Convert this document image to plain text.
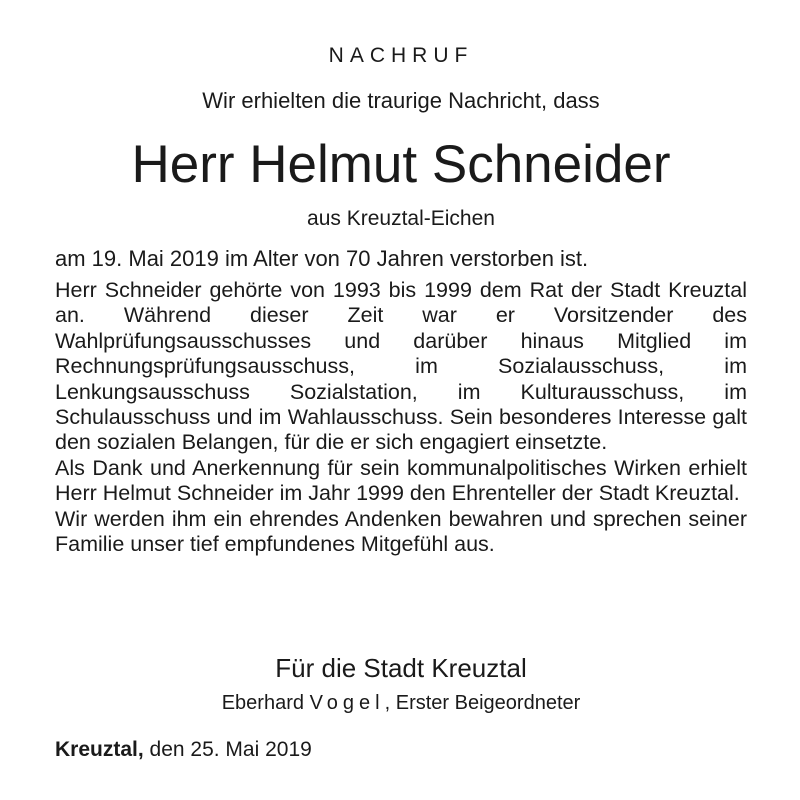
NACHRUF
Wir erhielten die traurige Nachricht, dass
Herr Helmut Schneider
aus Kreuztal-Eichen
am 19. Mai 2019 im Alter von 70 Jahren verstorben ist.

Herr Schneider gehörte von 1993 bis 1999 dem Rat der Stadt Kreuztal an. Während dieser Zeit war er Vorsitzender des Wahlprüfungsausschusses und darüber hinaus Mitglied im Rechnungsprüfungsausschuss, im Sozialausschuss, im Lenkungsausschuss Sozialstation, im Kulturausschuss, im Schulausschuss und im Wahlausschuss. Sein besonderes Interesse galt den sozialen Belangen, für die er sich engagiert einsetzte.

Als Dank und Anerkennung für sein kommunalpolitisches Wirken erhielt Herr Helmut Schneider im Jahr 1999 den Ehrenteller der Stadt Kreuztal.

Wir werden ihm ein ehrendes Andenken bewahren und sprechen seiner Familie unser tief empfundenes Mitgefühl aus.

Für die Stadt Kreuztal
Eberhard Vogel, Erster Beigeordneter
Kreuztal, den 25. Mai 2019
